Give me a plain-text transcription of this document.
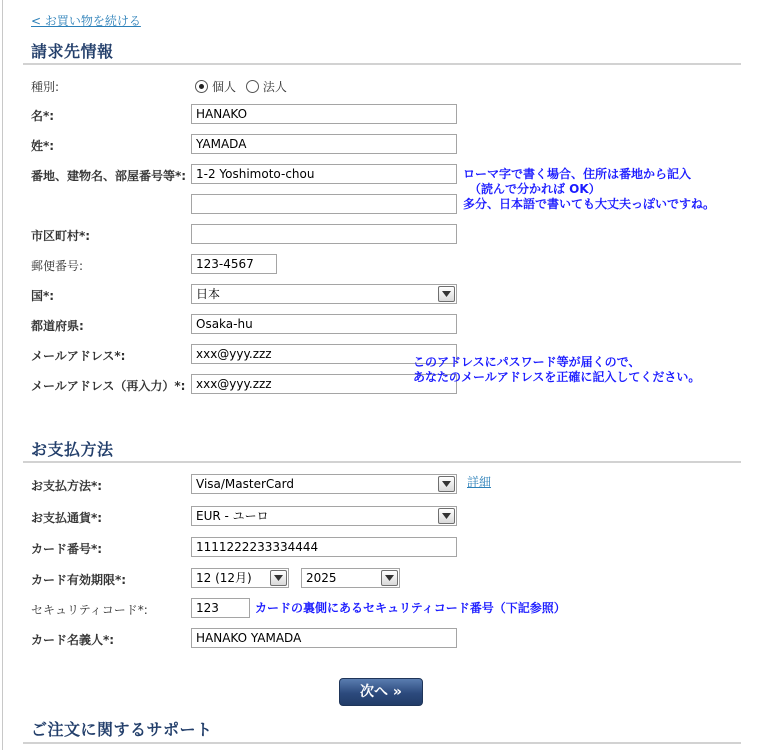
< お買い物を続ける
請求先情報
種別:	個人 法人
名*:
HANAKO
姓*:
YAMADA
番地、建物名、部屋番号等*:
1-2 Yoshimoto-chou	ローマ字で書く場合、住所は番地から記入
（読んで分かれば OK）
多分、日本語で書いても大丈夫っぽいですね。
市区町村*:
郵便番号:
123-4567
国*:	日本
都道府県:
Osaka-hu
メールアドレス*:
xxx@yyy.zzz
メールアドレス（再入力）*:
xxx@yyy.zzz
このアドレスにパスワード等が届くので、
あなたのメールアドレスを正確に記入してください。
お支払方法
お支払方法*:	Visa/MasterCard	詳細
お支払通貨*:	EUR - ユーロ
カード番号*:
1111222233334444
カード有効期限*:	12 (12月)	2025
セキュリティコード*:
123	カードの裏側にあるセキュリティコード番号（下記参照）
カード名義人*:
HANAKO YAMADA
次へ »
ご注文に関するサポート
